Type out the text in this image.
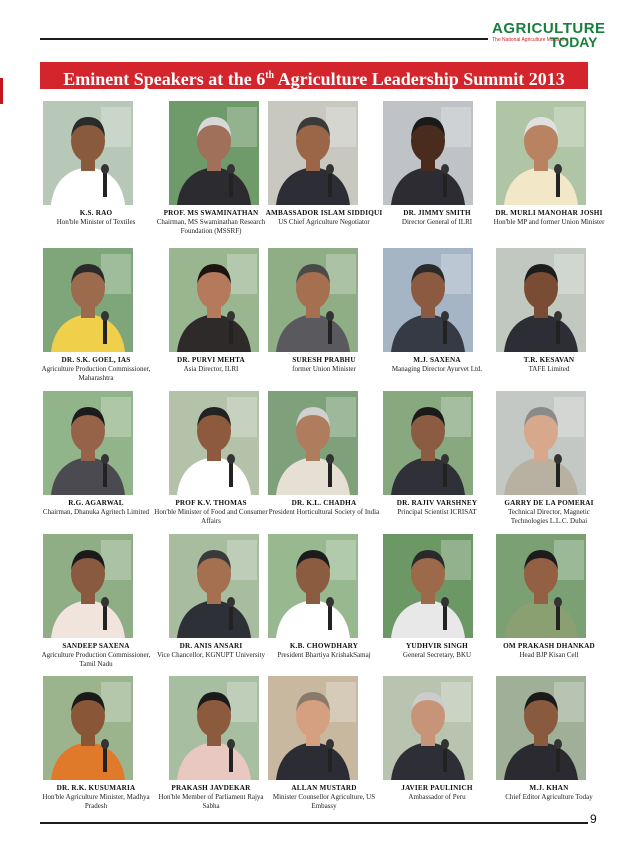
AGRICULTURE
The National Agriculture Magazine
TODAY
Eminent Speakers at the 6th Agriculture Leadership Summit 2013
K.S. RAO
Hon'ble Minister of Textiles
PROF. MS SWAMINATHAN
Chairman, MS Swaminathan Research Foundation (MSSRF)
AMBASSADOR ISLAM SIDDIQUI
US Chief Agriculture Negotiator
DR. JIMMY SMITH
Director General of ILRI
DR. MURLI MANOHAR JOSHI
Hon'ble MP and former Union Minister
DR. S.K. GOEL, IAS
Agriculture Production Commissioner, Maharashtra
DR. PURVI MEHTA
Asia Director, ILRI
SURESH PRABHU
former Union Minister
M.J. SAXENA
Managing Director Ayurvet Ltd.
T.R. KESAVAN
TAFE Limited
R.G. AGARWAL
Chairman, Dhanuka Agritech Limited
PROF K.V. THOMAS
Hon'ble Minister of Food and Consumer Affairs
DR. K.L. CHADHA
President Horticultural Society of India
DR. RAJIV VARSHNEY
Principal Scientist ICRISAT
GARRY DE LA POMERAI
Technical Director, Magnetic Technologies L.L.C. Dubai
SANDEEP SAXENA
Agriculture Production Commissioner, Tamil Nadu
DR. ANIS ANSARI
Vice Chancellor, KGNUPT University
K.B. CHOWDHARY
President Bhartiya KrishakSamaj
YUDHVIR SINGH
General Secretary, BKU
OM PRAKASH DHANKAD
Head BJP Kisan Cell
DR. R.K. KUSUMARIA
Hon'ble Agriculture Minister, Madhya Pradesh
PRAKASH JAVDEKAR
Hon'ble Member of Parliament Rajya Sabha
ALLAN MUSTARD
Minister Counsellor Agriculture, US Embassy
JAVIER PAULINICH
Ambassador of Peru
M.J. KHAN
Chief Editor Agriculture Today
9
